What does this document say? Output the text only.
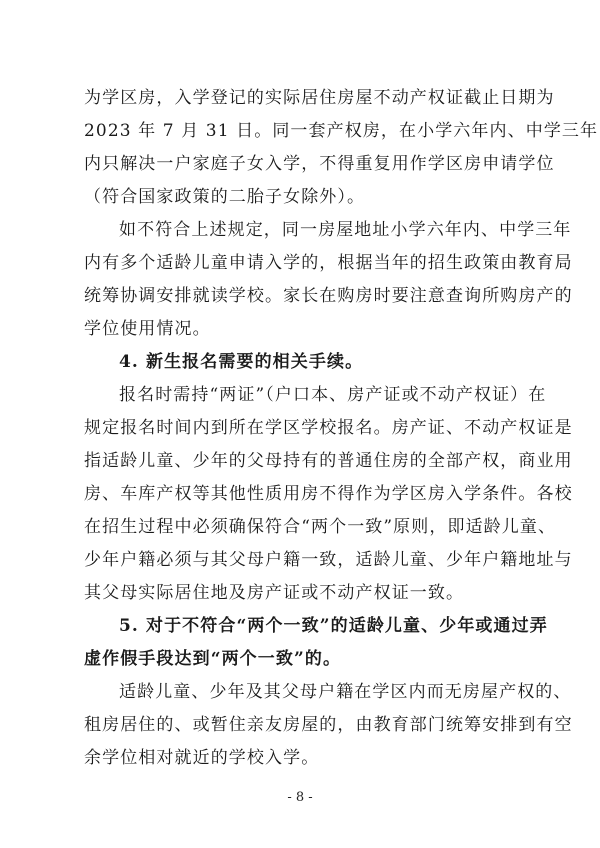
为学区房，入学登记的实际居住房屋不动产权证截止日期为
2023 年 7 月 31 日。同一套产权房，在小学六年内、中学三年
内只解决一户家庭子女入学，不得重复用作学区房申请学位
（符合国家政策的二胎子女除外）。
如不符合上述规定，同一房屋地址小学六年内、中学三年
内有多个适龄儿童申请入学的，根据当年的招生政策由教育局
统筹协调安排就读学校。家长在购房时要注意查询所购房产的
学位使用情况。
4. 新生报名需要的相关手续。
报名时需持“两证”（户口本、房产证或不动产权证）在
规定报名时间内到所在学区学校报名。房产证、不动产权证是
指适龄儿童、少年的父母持有的普通住房的全部产权，商业用
房、车库产权等其他性质用房不得作为学区房入学条件。各校
在招生过程中必须确保符合“两个一致”原则，即适龄儿童、
少年户籍必须与其父母户籍一致，适龄儿童、少年户籍地址与
其父母实际居住地及房产证或不动产权证一致。
5. 对于不符合“两个一致”的适龄儿童、少年或通过弄
虚作假手段达到“两个一致”的。
适龄儿童、少年及其父母户籍在学区内而无房屋产权的、
租房居住的、或暂住亲友房屋的，由教育部门统筹安排到有空
余学位相对就近的学校入学。
- 8 -
